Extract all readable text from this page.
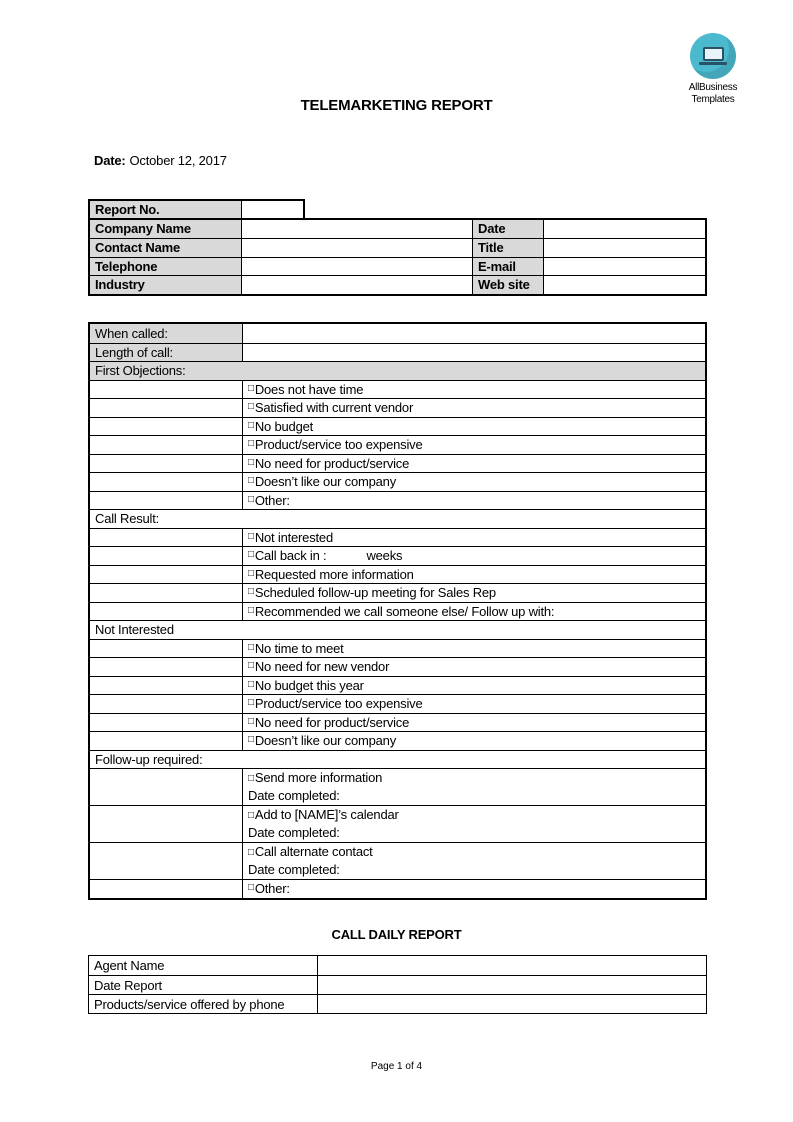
AllBusiness
Templates
TELEMARKETING REPORT
Date: October 12, 2017
Report No.
Company Name	Date
Contact Name	Title
Telephone	E-mail
Industry	Web site
When called:
Length of call:
First Objections:
□ Does not have time
□ Satisfied with current vendor
□ No budget
□ Product/service too expensive
□ No need for product/service
□ Doesn’t like our company
□ Other:
Call Result:
□ Not interested
□ Call back in :	weeks
□ Requested more information
□ Scheduled follow-up meeting for Sales Rep
□ Recommended we call someone else/ Follow up with:
Not Interested
□ No time to meet
□ No need for new vendor
□ No budget this year
□ Product/service too expensive
□ No need for product/service
□ Doesn’t like our company
Follow-up required:
□Send more information
Date completed:
□Add to [NAME]’s calendar
Date completed:
□Call alternate contact
Date completed:
□ Other:
CALL DAILY REPORT
Agent Name
Date Report
Products/service offered by phone
Page 1 of 4
